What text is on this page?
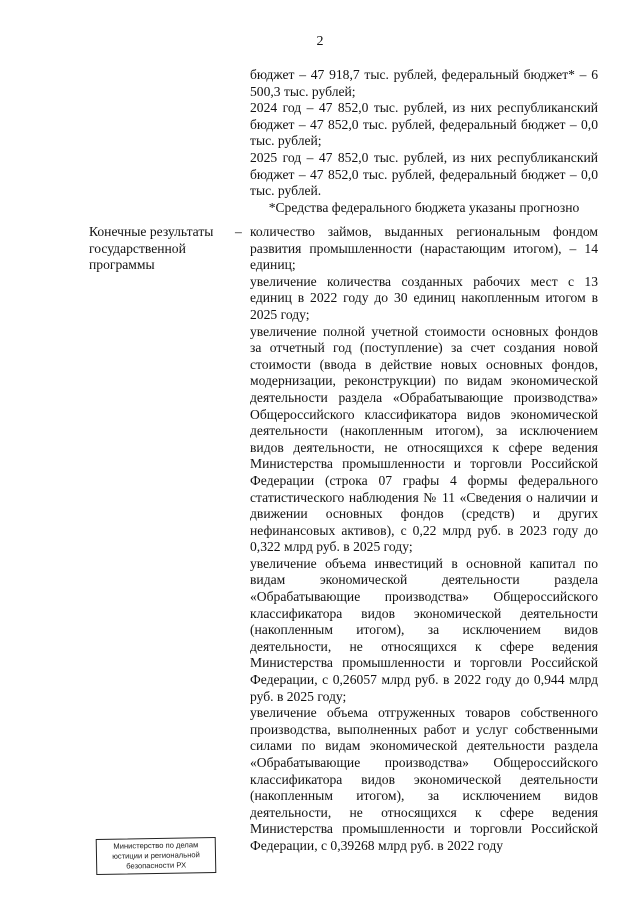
2

бюджет – 47 918,7 тыс. рублей, федеральный бюджет* – 6 500,3 тыс. рублей;

2024 год – 47 852,0 тыс. рублей, из них республиканский бюджет – 47 852,0 тыс. рублей, федеральный бюджет – 0,0 тыс. рублей;

2025 год – 47 852,0 тыс. рублей, из них республиканский бюджет – 47 852,0 тыс. рублей, федеральный бюджет – 0,0 тыс. рублей.

*Средства федерального бюджета указаны прогнозно

Конечные результаты

государственной

программы

– количество займов, выданных региональным фондом развития промышленности (нарастающим итогом), – 14 единиц;

увеличение количества созданных рабочих мест с 13 единиц в 2022 году до 30 единиц накопленным итогом в 2025 году;

увеличение полной учетной стоимости основных фондов за отчетный год (поступление) за счет создания новой стоимости (ввода в действие новых основных фондов, модернизации, реконструкции) по видам экономической деятельности раздела «Обрабатывающие производства» Общероссийского классификатора видов экономической деятельности (накопленным итогом), за исключением видов деятельности, не относящихся к сфере ведения Министерства промышленности и торговли Российской Федерации (строка 07 графы 4 формы федерального статистического наблюдения № 11 «Сведения о наличии и движении основных фондов (средств) и других нефинансовых активов), с 0,22 млрд руб. в 2023 году до 0,322 млрд руб. в 2025 году;

увеличение объема инвестиций в основной капитал по видам экономической деятельности раздела «Обрабатывающие производства» Общероссийского классификатора видов экономической деятельности (накопленным итогом), за исключением видов деятельности, не относящихся к сфере ведения Министерства промышленности и торговли Российской Федерации, с 0,26057 млрд руб. в 2022 году до 0,944 млрд руб. в 2025 году;

увеличение объема отгруженных товаров собственного производства, выполненных работ и услуг собственными силами по видам экономической деятельности раздела «Обрабатывающие производства» Общероссийского классификатора видов экономической деятельности (накопленным итогом), за исключением видов деятельности, не относящихся к сфере ведения Министерства промышленности и торговли Российской Федерации, с 0,39268 млрд руб. в 2022 году

Министерство по делам

юстиции и региональной

безопасности РХ
